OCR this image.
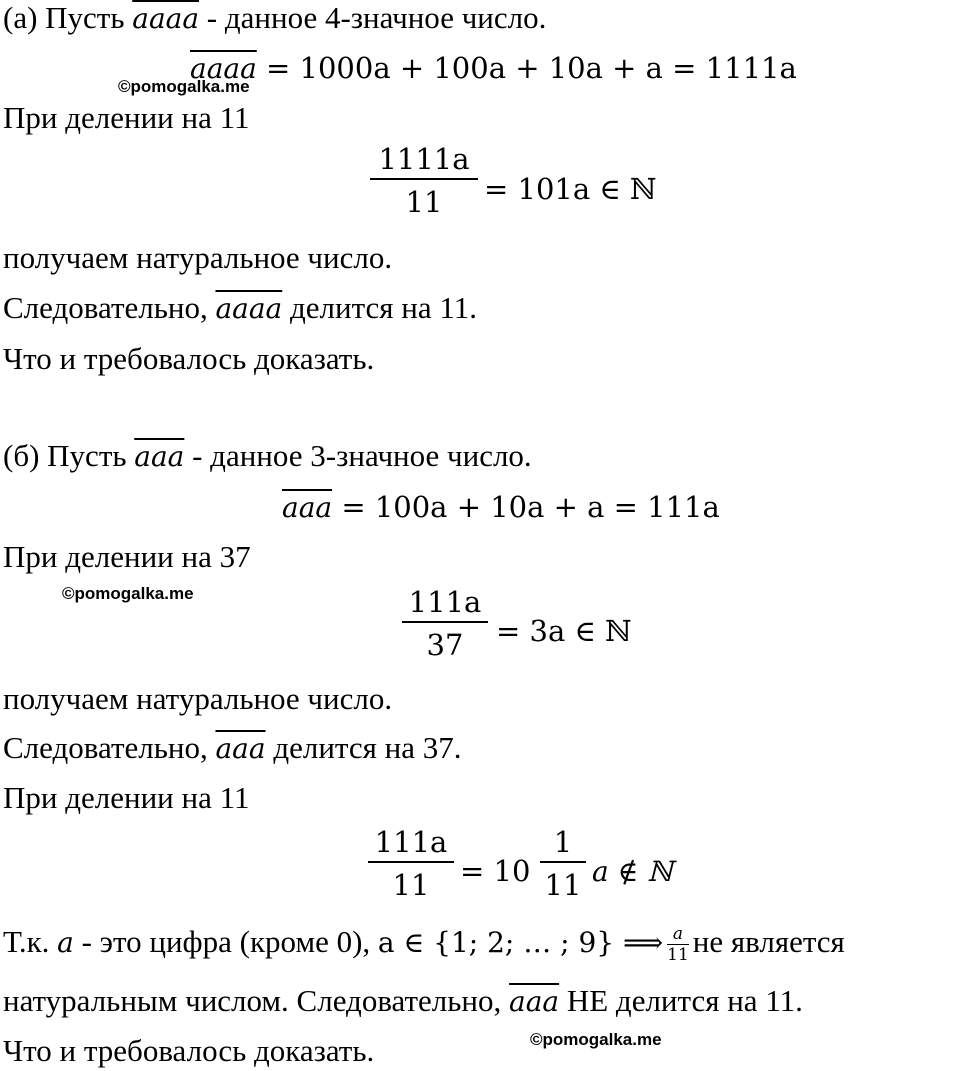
(а) Пусть aaaa - данное 4-значное число.
aaaa = 1000a + 100a + 10a + a = 1111a
©pomogalka.me
При делении на 11
$\frac{1111a}{11} = 101a$ ∈ ℕ
получаем натуральное число.
Следовательно, aaaa делится на 11.
Что и требовалось доказать.
(б) Пусть $\overline{aaa}$ - данное 3-значное число.
$\overline{aaa} = 100a + 10a + a = 111a$
При делении на 37
©pomogalka.me	$\frac{111a}{37} = 3a$ ∈ ℕ
получаем натуральное число.
Следовательно, $\overline{aaa}$ делится на 37.
При делении на 11
$\frac{111a}{11} = 10 \frac{1}{11}$ a ∉ ℕ
Т.к. a - это цифра (кроме 0), a ∈ {1; 2; … ; 9} ⟹ $\frac{a}{11}$ не является
натуральным числом. Следовательно, $\overline{aaa}$ НЕ делится на 11.
Что и требовалось доказать.	©pomogalka.me
